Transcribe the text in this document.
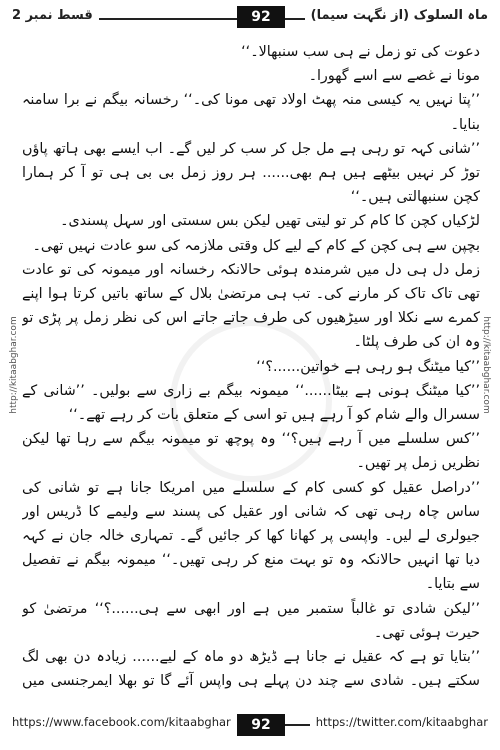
ماہ السلوک (از نگہت سیما)
92
قسط نمبر 2
http://kitaabghar.com
http://kitaabghar.com

دعوت کی تو زمل نے ہی سب سنبھالا۔‘‘

مونا نے غصے سے اسے گھورا۔

’’پتا نہیں یہ کیسی منہ پھٹ اولاد تھی مونا کی۔‘‘ رخسانہ بیگم نے برا سامنہ بنایا۔

’’شانی کہہ تو رہی ہے مل جل کر سب کر لیں گے۔ اب ایسے بھی ہاتھ پاؤں توڑ کر نہیں بیٹھے ہیں ہم بھی...... ہر روز زمل بی بی ہی تو آ کر ہمارا کچن سنبھالتی ہیں۔‘‘

لڑکیاں کچن کا کام کر تو لیتی تھیں لیکن بس سستی اور سہل پسندی۔

بچپن سے ہی کچن کے کام کے لیے کل وقتی ملازمہ کی سو عادت نہیں تھی۔

زمل دل ہی دل میں شرمندہ ہوئی حالانکہ رخسانہ اور میمونہ کی تو عادت تھی تاک تاک کر مارنے کی۔ تب ہی مرتضیٰ بلال کے ساتھ باتیں کرتا ہوا اپنے کمرے سے نکلا اور سیڑھیوں کی طرف جاتے جاتے اس کی نظر زمل پر پڑی تو وہ ان کی طرف پلٹا۔

’’کیا میٹنگ ہو رہی ہے خواتین......؟‘‘

’’کیا میٹنگ ہونی ہے بیٹا......‘‘ میمونہ بیگم بے زاری سے بولیں۔ ’’شانی کے سسرال والے شام کو آ رہے ہیں تو اسی کے متعلق بات کر رہے تھے۔‘‘

’’کس سلسلے میں آ رہے ہیں؟‘‘ وہ پوچھ تو میمونہ بیگم سے رہا تھا لیکن نظریں زمل پر تھیں۔

’’دراصل عقیل کو کسی کام کے سلسلے میں امریکا جانا ہے تو شانی کی ساس چاہ رہی تھی کہ شانی اور عقیل کی پسند سے ولیمے کا ڈریس اور جیولری لے لیں۔ واپسی پر کھانا کھا کر جائیں گے۔ تمہاری خالہ جان نے کہہ دیا تھا انہیں حالانکہ وہ تو بہت منع کر رہی تھیں۔‘‘ میمونہ بیگم نے تفصیل سے بتایا۔

’’لیکن شادی تو غالباً ستمبر میں ہے اور ابھی سے ہی......؟‘‘ مرتضیٰ کو حیرت ہوئی تھی۔

’’بتایا تو ہے کہ عقیل نے جانا ہے ڈیڑھ دو ماہ کے لیے...... زیادہ دن بھی لگ سکتے ہیں۔ شادی سے چند دن پہلے ہی واپس آئے گا تو بھلا ایمرجنسی میں

https://www.facebook.com/kitaabghar	92	https://twitter.com/kitaabghar
